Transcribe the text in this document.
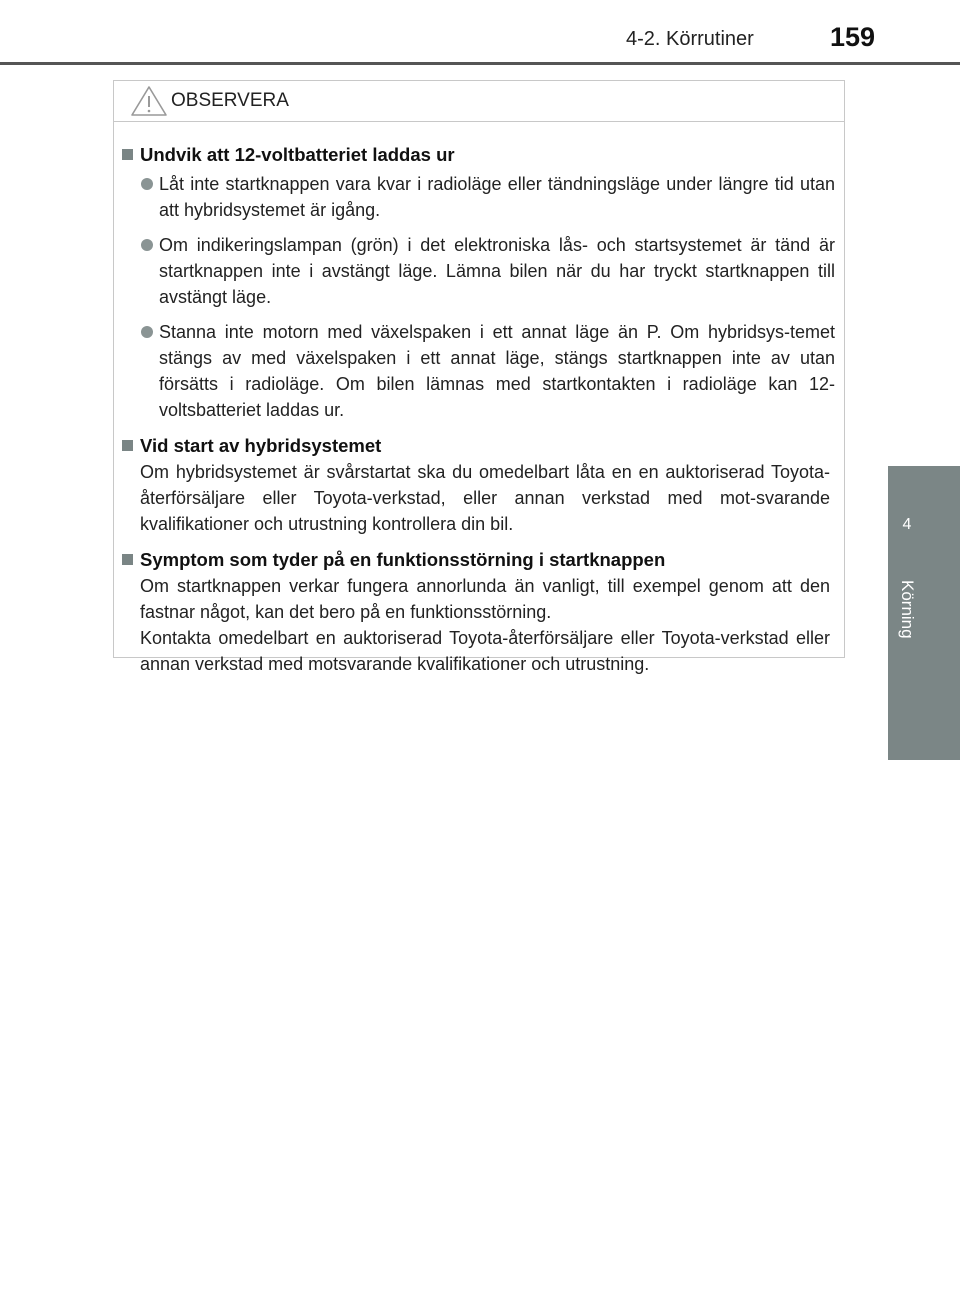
4-2. Körrutiner	159
4
Körning
OBSERVERA
Undvik att 12-voltbatteriet laddas ur
Låt inte startknappen vara kvar i radioläge eller tändningsläge under längre tid utan att hybridsystemet är igång.
Om indikeringslampan (grön) i det elektroniska lås- och startsystemet är tänd är startknappen inte i avstängt läge. Lämna bilen när du har tryckt startknappen till avstängt läge.
Stanna inte motorn med växelspaken i ett annat läge än P. Om hybridsys-temet stängs av med växelspaken i ett annat läge, stängs startknappen inte av utan försätts i radioläge. Om bilen lämnas med startkontakten i radioläge kan 12-voltsbatteriet laddas ur.
Vid start av hybridsystemet
Om hybridsystemet är svårstartat ska du omedelbart låta en en auktoriserad Toyota-återförsäljare eller Toyota-verkstad, eller annan verkstad med mot-svarande kvalifikationer och utrustning kontrollera din bil.
Symptom som tyder på en funktionsstörning i startknappen
Om startknappen verkar fungera annorlunda än vanligt, till exempel genom att den fastnar något, kan det bero på en funktionsstörning.
Kontakta omedelbart en auktoriserad Toyota-återförsäljare eller Toyota-verkstad eller annan verkstad med motsvarande kvalifikationer och utrustning.
